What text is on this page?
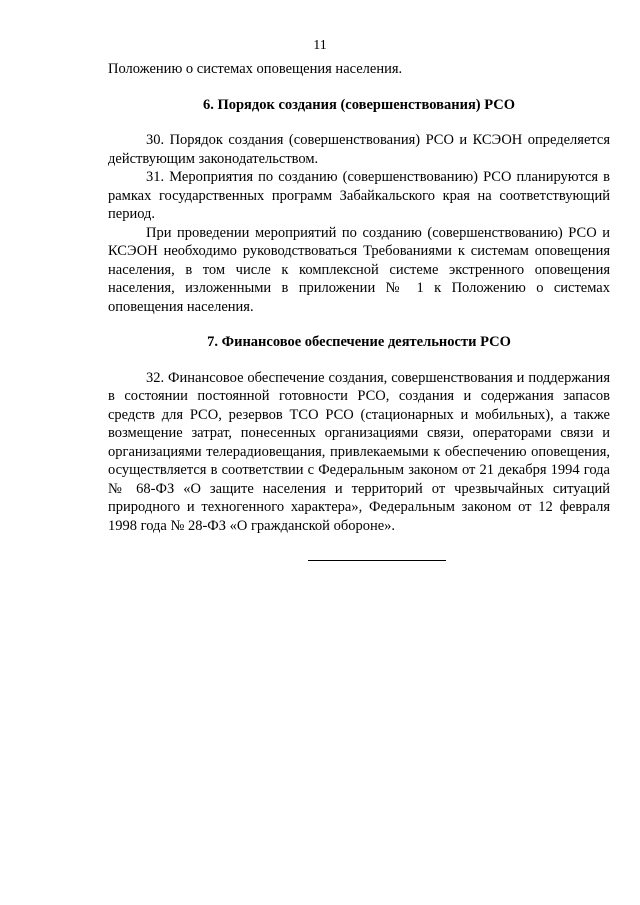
11

Положению о системах оповещения населения.

6. Порядок создания (совершенствования) РСО

30. Порядок создания (совершенствования) РСО и КСЭОН определяется действующим законодательством.

31. Мероприятия по созданию (совершенствованию) РСО планируются в рамках государственных программ Забайкальского края на соответствующий период.

При проведении мероприятий по созданию (совершенствованию) РСО и КСЭОН необходимо руководствоваться Требованиями к системам оповещения населения, в том числе к комплексной системе экстренного оповещения населения, изложенными в приложении № 1 к Положению о системах оповещения населения.

7. Финансовое обеспечение деятельности РСО

32. Финансовое обеспечение создания, совершенствования и поддержания в состоянии постоянной готовности РСО, создания и содержания запасов средств для РСО, резервов ТСО РСО (стационарных и мобильных), а также возмещение затрат, понесенных организациями связи, операторами связи и организациями телерадиовещания, привлекаемыми к обеспечению оповещения, осуществляется в соответствии с Федеральным законом от 21 декабря 1994 года № 68-ФЗ «О защите населения и территорий от чрезвычайных ситуаций природного и техногенного характера», Федеральным законом от 12 февраля 1998 года № 28-ФЗ «О гражданской обороне».
